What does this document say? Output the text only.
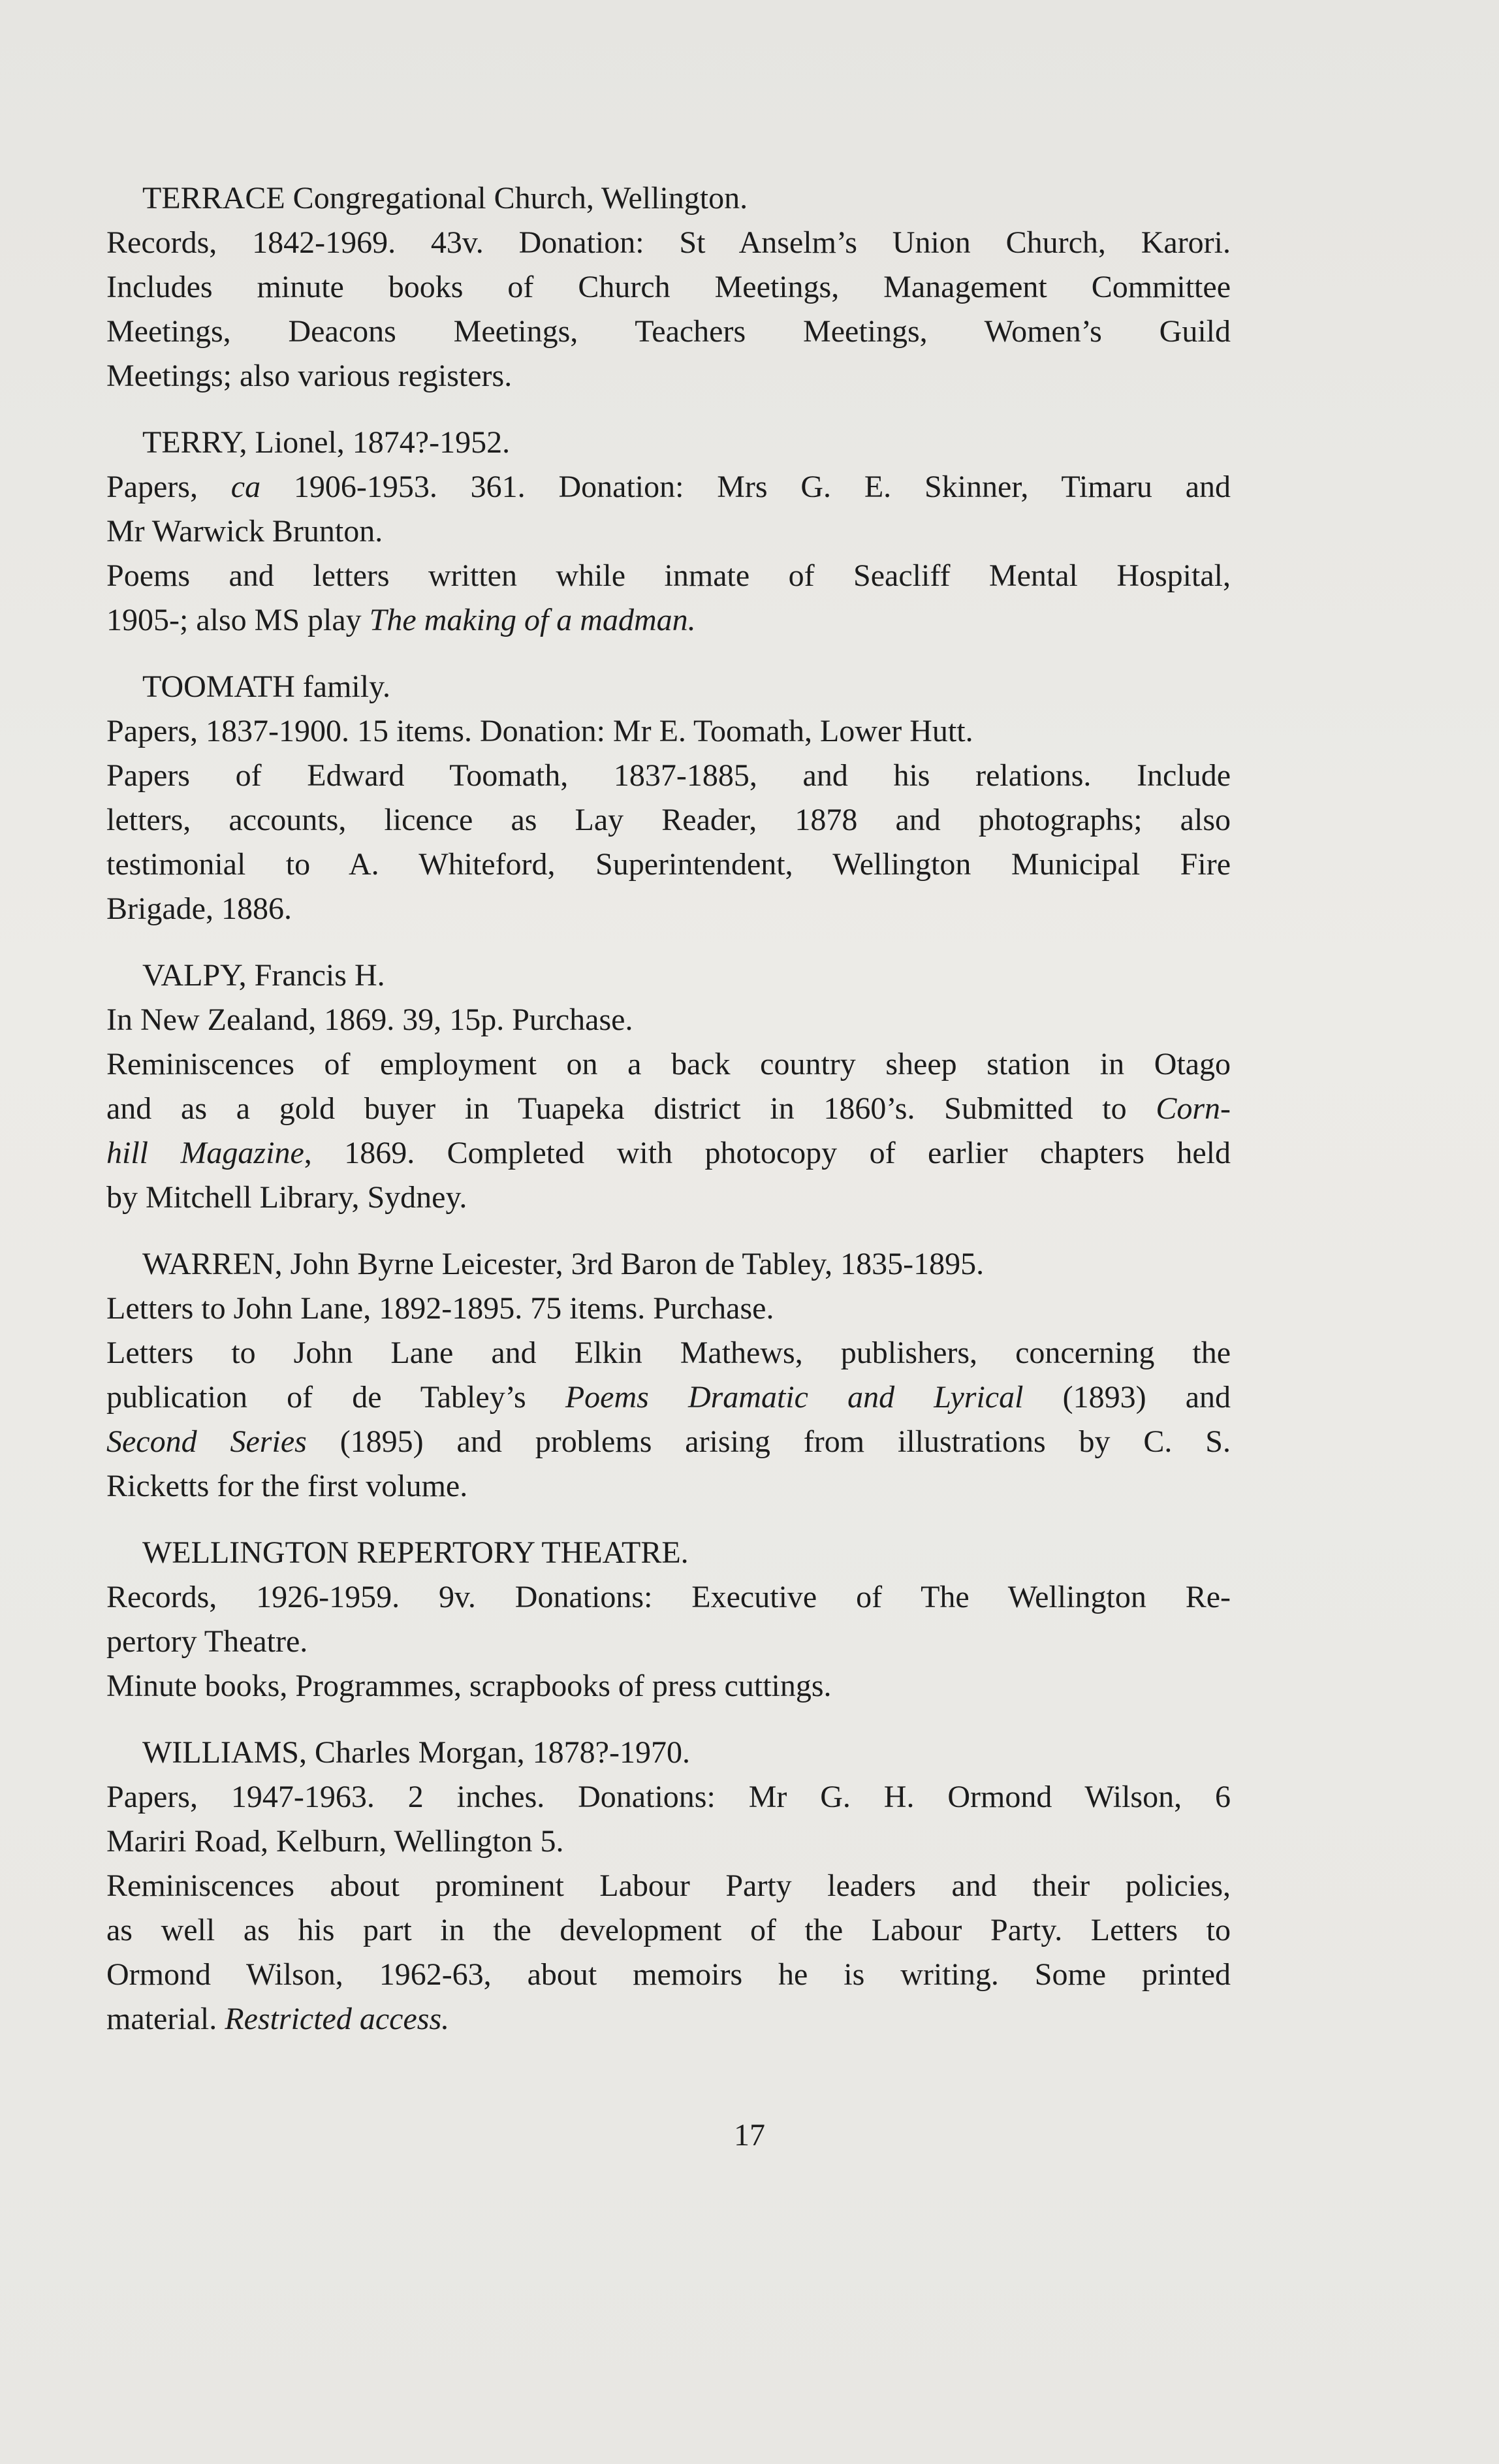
TERRACE Congregational Church, Wellington.
Records, 1842-1969. 43v. Donation: St Anselm’s Union Church, Karori.
Includes minute books of Church Meetings, Management Committee
Meetings, Deacons Meetings, Teachers Meetings, Women’s Guild
Meetings; also various registers.
TERRY, Lionel, 1874?-1952.
Papers, ca 1906-1953. 361. Donation: Mrs G. E. Skinner, Timaru and
Mr Warwick Brunton.
Poems and letters written while inmate of Seacliff Mental Hospital,
1905-; also MS play The making of a madman.
TOOMATH family.
Papers, 1837-1900. 15 items. Donation: Mr E. Toomath, Lower Hutt.
Papers of Edward Toomath, 1837-1885, and his relations. Include
letters, accounts, licence as Lay Reader, 1878 and photographs; also
testimonial to A. Whiteford, Superintendent, Wellington Municipal Fire
Brigade, 1886.
VALPY, Francis H.
In New Zealand, 1869. 39, 15p. Purchase.
Reminiscences of employment on a back country sheep station in Otago
and as a gold buyer in Tuapeka district in 1860’s. Submitted to Corn-
hill Magazine, 1869. Completed with photocopy of earlier chapters held
by Mitchell Library, Sydney.
WARREN, John Byrne Leicester, 3rd Baron de Tabley, 1835-1895.
Letters to John Lane, 1892-1895. 75 items. Purchase.
Letters to John Lane and Elkin Mathews, publishers, concerning the
publication of de Tabley’s Poems Dramatic and Lyrical (1893) and
Second Series (1895) and problems arising from illustrations by C. S.
Ricketts for the first volume.
WELLINGTON REPERTORY THEATRE.
Records, 1926-1959. 9v. Donations: Executive of The Wellington Re-
pertory Theatre.
Minute books, Programmes, scrapbooks of press cuttings.
WILLIAMS, Charles Morgan, 1878?-1970.
Papers, 1947-1963. 2 inches. Donations: Mr G. H. Ormond Wilson, 6
Mariri Road, Kelburn, Wellington 5.
Reminiscences about prominent Labour Party leaders and their policies,
as well as his part in the development of the Labour Party. Letters to
Ormond Wilson, 1962-63, about memoirs he is writing. Some printed
material. Restricted access.
17
